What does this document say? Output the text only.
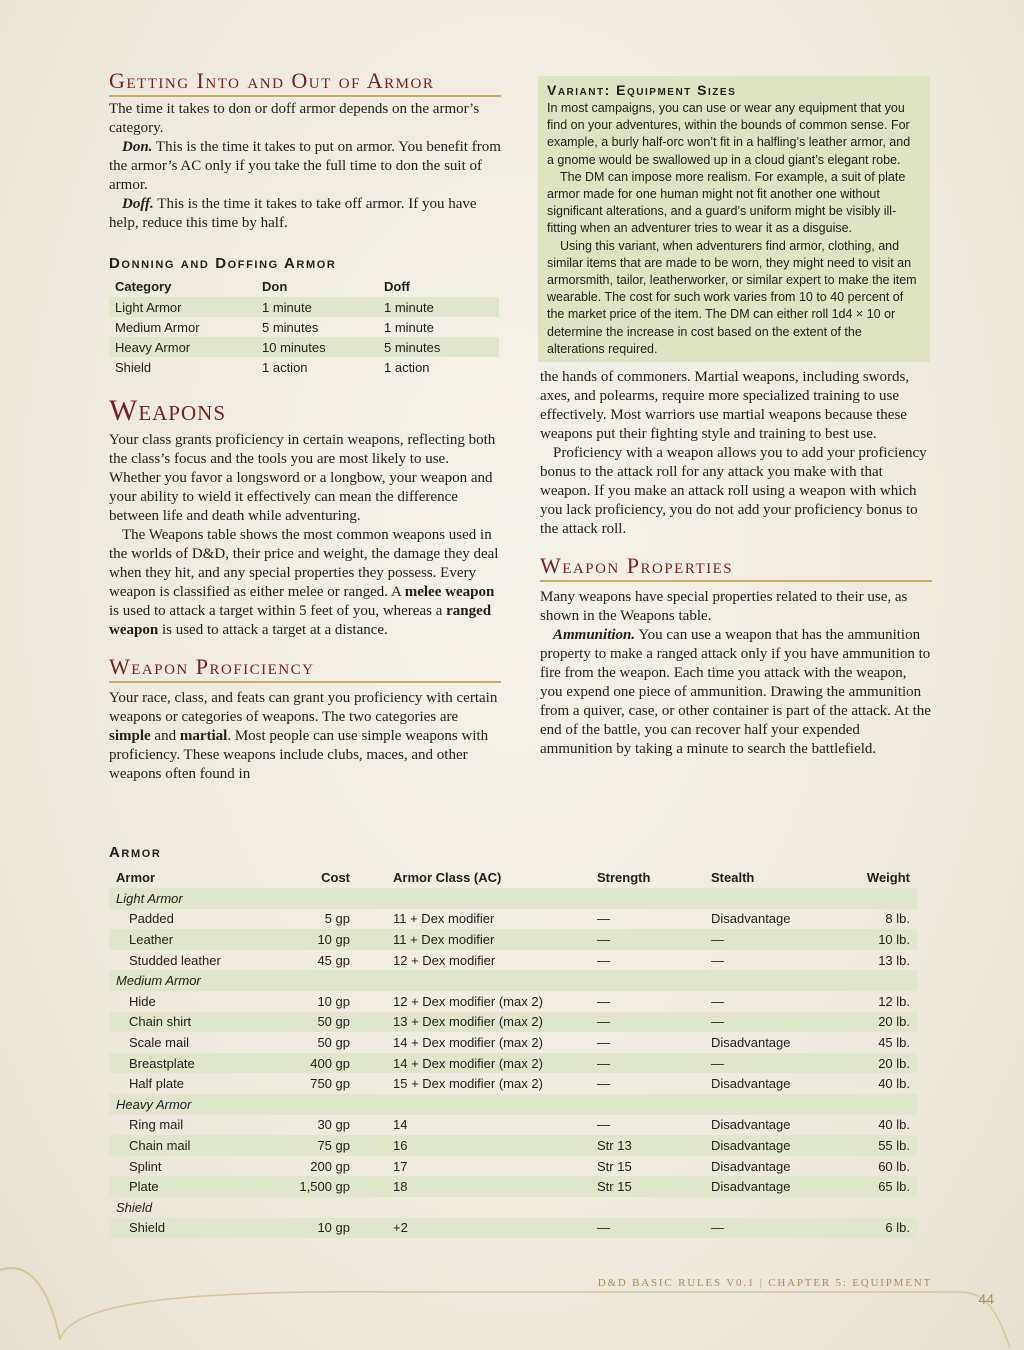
Getting Into and Out of Armor

The time it takes to don or doff armor depends on the armor’s category.

Don. This is the time it takes to put on armor. You benefit from the armor’s AC only if you take the full time to don the suit of armor.

Doff. This is the time it takes to take off armor. If you have help, reduce this time by half.

Donning and Doffing Armor
Category	Don	Doff
Light Armor	1 minute	1 minute
Medium Armor	5 minutes	1 minute
Heavy Armor	10 minutes	5 minutes
Shield	1 action	1 action
Weapons

Your class grants proficiency in certain weapons, reflecting both the class’s focus and the tools you are most likely to use. Whether you favor a longsword or a longbow, your weapon and your ability to wield it effectively can mean the difference between life and death while adventuring.

The Weapons table shows the most common weapons used in the worlds of D&D, their price and weight, the damage they deal when they hit, and any special properties they possess. Every weapon is classified as either melee or ranged. A melee weapon is used to attack a target within 5 feet of you, whereas a ranged weapon is used to attack a target at a distance.

Weapon Proficiency

Your race, class, and feats can grant you proficiency with certain weapons or categories of weapons. The two categories are simple and martial. Most people can use simple weapons with proficiency. These weapons include clubs, maces, and other weapons often found in

Variant: Equipment Sizes

In most campaigns, you can use or wear any equipment that you find on your adventures, within the bounds of common sense. For example, a burly half-orc won’t fit in a halfling’s leather armor, and a gnome would be swallowed up in a cloud giant’s elegant robe.

The DM can impose more realism. For example, a suit of plate armor made for one human might not fit another one without significant alterations, and a guard’s uniform might be visibly ill-fitting when an adventurer tries to wear it as a disguise.

Using this variant, when adventurers find armor, clothing, and similar items that are made to be worn, they might need to visit an armorsmith, tailor, leatherworker, or similar expert to make the item wearable. The cost for such work varies from 10 to 40 percent of the market price of the item. The DM can either roll 1d4 × 10 or determine the increase in cost based on the extent of the alterations required.

the hands of commoners. Martial weapons, including swords, axes, and polearms, require more specialized training to use effectively. Most warriors use martial weapons because these weapons put their fighting style and training to best use.

Proficiency with a weapon allows you to add your proficiency bonus to the attack roll for any attack you make with that weapon. If you make an attack roll using a weapon with which you lack proficiency, you do not add your proficiency bonus to the attack roll.

Weapon Properties

Many weapons have special properties related to their use, as shown in the Weapons table.

Ammunition. You can use a weapon that has the ammunition property to make a ranged attack only if you have ammunition to fire from the weapon. Each time you attack with the weapon, you expend one piece of ammunition. Drawing the ammunition from a quiver, case, or other container is part of the attack. At the end of the battle, you can recover half your expended ammunition by taking a minute to search the battlefield.

Armor
Armor	Cost	Armor Class (AC)	Strength	Stealth	Weight
Light Armor					
Padded	5 gp	11 + Dex modifier	—	Disadvantage	8 lb.
Leather	10 gp	11 + Dex modifier	—	—	10 lb.
Studded leather	45 gp	12 + Dex modifier	—	—	13 lb.
Medium Armor					
Hide	10 gp	12 + Dex modifier (max 2)	—	—	12 lb.
Chain shirt	50 gp	13 + Dex modifier (max 2)	—	—	20 lb.
Scale mail	50 gp	14 + Dex modifier (max 2)	—	Disadvantage	45 lb.
Breastplate	400 gp	14 + Dex modifier (max 2)	—	—	20 lb.
Half plate	750 gp	15 + Dex modifier (max 2)	—	Disadvantage	40 lb.
Heavy Armor					
Ring mail	30 gp	14	—	Disadvantage	40 lb.
Chain mail	75 gp	16	Str 13	Disadvantage	55 lb.
Splint	200 gp	17	Str 15	Disadvantage	60 lb.
Plate	1,500 gp	18	Str 15	Disadvantage	65 lb.
Shield					
Shield	10 gp	+2	—	—	6 lb.
D&D BASIC RULES V0.1 | CHAPTER 5: EQUIPMENT
44
